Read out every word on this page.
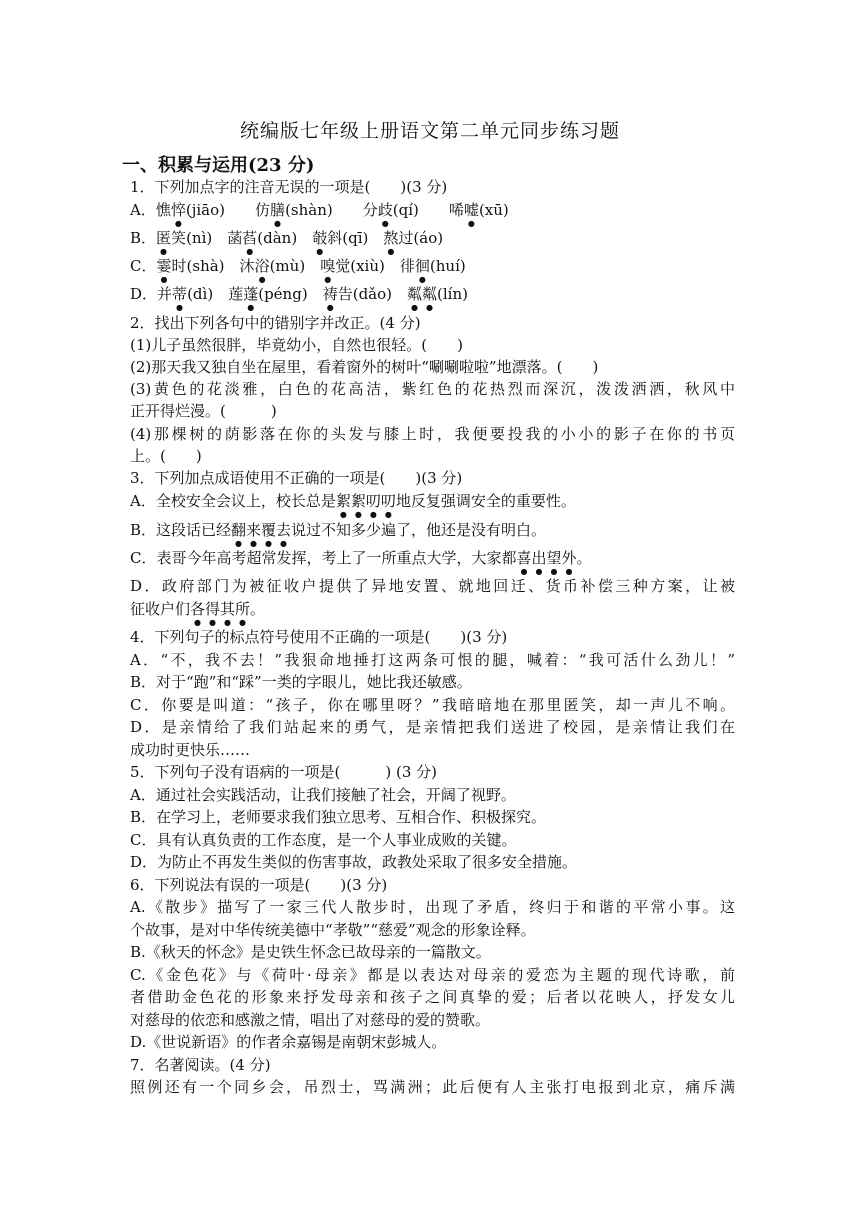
统编版七年级上册语文第二单元同步练习题
一、积累与运用(23 分)
1．下列加点字的注音无误的一项是(　　)(3 分)
A．憔悴(jiāo)　　 仿膳(shàn)　　 分歧(qí)　　 唏嘘(xū)
B．匿笑(nì)　 菡萏(dàn)　 攲斜(qī)　 熬过(áo)
C．霎时(shà)　 沐浴(mù)　 嗅觉(xiù)　 徘徊(huí)
D．并蒂(dì)　 莲蓬(péng)　 祷告(dǎo)　 粼粼(lín)
2．找出下列各句中的错别字并改正。(4 分)
(1)儿子虽然很胖，毕竟幼小，自然也很轻。(　　)
(2)那天我又独自坐在屋里，看着窗外的树叶“唰唰啦啦”地漂落。(　　)
(3)黄色的花淡雅，白色的花高洁，紫红色的花热烈而深沉，泼泼洒洒，秋风中
正开得烂漫。(　　　)
(4)那棵树的荫影落在你的头发与膝上时，我便要投我的小小的影子在你的书页
上。(　　)
3．下列加点成语使用不正确的一项是(　　)(3 分)
A．全校安全会议上，校长总是絮絮叨叨地反复强调安全的重要性。
B．这段话已经翻来覆去说过不知多少遍了，他还是没有明白。
C．表哥今年高考超常发挥，考上了一所重点大学，大家都喜出望外。
D．政府部门为被征收户提供了异地安置、就地回迁、货币补偿三种方案，让被
征收户们各得其所。
4．下列句子的标点符号使用不正确的一项是(　　)(3 分)
A．“不，我不去！”我狠命地捶打这两条可恨的腿，喊着：“我可活什么劲儿！”
B．对于“跑”和“踩”一类的字眼儿，她比我还敏感。
C．你要是叫道：“孩子，你在哪里呀？”我暗暗地在那里匿笑，却一声儿不响。
D．是亲情给了我们站起来的勇气，是亲情把我们送进了校园，是亲情让我们在
成功时更快乐……
5．下列句子没有语病的一项是(　　　) (3 分)
A．通过社会实践活动，让我们接触了社会，开阔了视野。
B．在学习上，老师要求我们独立思考、互相合作、积极探究。
C．具有认真负责的工作态度，是一个人事业成败的关键。
D．为防止不再发生类似的伤害事故，政教处采取了很多安全措施。
6．下列说法有误的一项是(　　)(3 分)
A.《散步》描写了一家三代人散步时，出现了矛盾，终归于和谐的平常小事。这
个故事，是对中华传统美德中“孝敬”“慈爱”观念的形象诠释。
B.《秋天的怀念》是史铁生怀念已故母亲的一篇散文。
C.《金色花》与《荷叶·母亲》都是以表达对母亲的爱恋为主题的现代诗歌，前
者借助金色花的形象来抒发母亲和孩子之间真挚的爱；后者以花映人，抒发女儿
对慈母的依恋和感激之情，唱出了对慈母的爱的赞歌。
D.《世说新语》的作者余嘉锡是南朝宋彭城人。
7．名著阅读。(4 分)
照例还有一个同乡会，吊烈士，骂满洲；此后便有人主张打电报到北京，痛斥满
